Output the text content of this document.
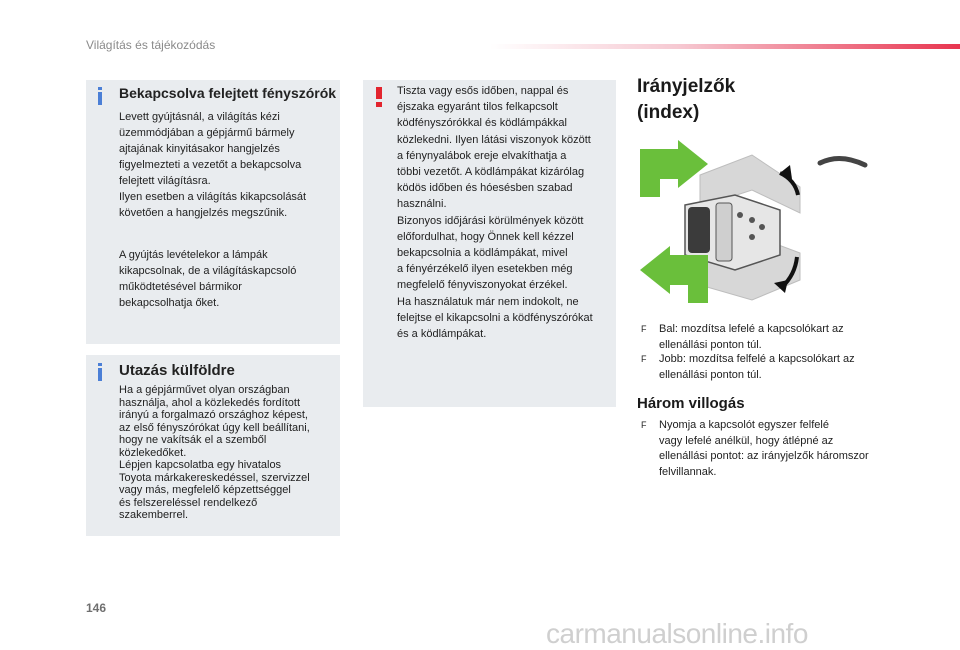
Világítás és tájékozódás
Bekapcsolva felejtett fényszórók
Levett gyújtásnál, a világítás kézi
üzemmódjában a gépjármű bármely
ajtajának kinyitásakor hangjelzés
figyelmezteti a vezetőt a bekapcsolva
felejtett világításra.
Ilyen esetben a világítás kikapcsolását
követően a hangjelzés megszűnik.
A gyújtás levételekor a lámpák
kikapcsolnak, de a világításkapcsoló
működtetésével bármikor
bekapcsolhatja őket.
Utazás külföldre
Ha a gépjárművet olyan országban
használja, ahol a közlekedés fordított
irányú a forgalmazó országhoz képest,
az első fényszórókat úgy kell beállítani,
hogy ne vakítsák el a szemből
közlekedőket.
Lépjen kapcsolatba egy hivatalos
Toyota márkakereskedéssel, szervizzel
vagy más, megfelelő képzettséggel
és felszereléssel rendelkező
szakemberrel.
Tiszta vagy esős időben, nappal és
éjszaka egyaránt tilos felkapcsolt
ködfényszórókkal és ködlámpákkal
közlekedni. Ilyen látási viszonyok között
a fénynyalábok ereje elvakíthatja a
többi vezetőt. A ködlámpákat kizárólag
ködös időben és hóesésben szabad
használni.
Bizonyos időjárási körülmények között
előfordulhat, hogy Önnek kell kézzel
bekapcsolnia a ködlámpákat, mivel
a fényérzékelő ilyen esetekben még
megfelelő fényviszonyokat érzékel.
Ha használatuk már nem indokolt, ne
felejtse el kikapcsolni a ködfényszórókat
és a ködlámpákat.
Irányjelzők
(index)
F Bal: mozdítsa lefelé a kapcsolókart az
ellenállási ponton túl.
F Jobb: mozdítsa felfelé a kapcsolókart az
ellenállási ponton túl.
Három villogás
F Nyomja a kapcsolót egyszer felfelé
vagy lefelé anélkül, hogy átlépné az
ellenállási pontot: az irányjelzők háromszor
felvillannak.
146
carmanualsonline.info
